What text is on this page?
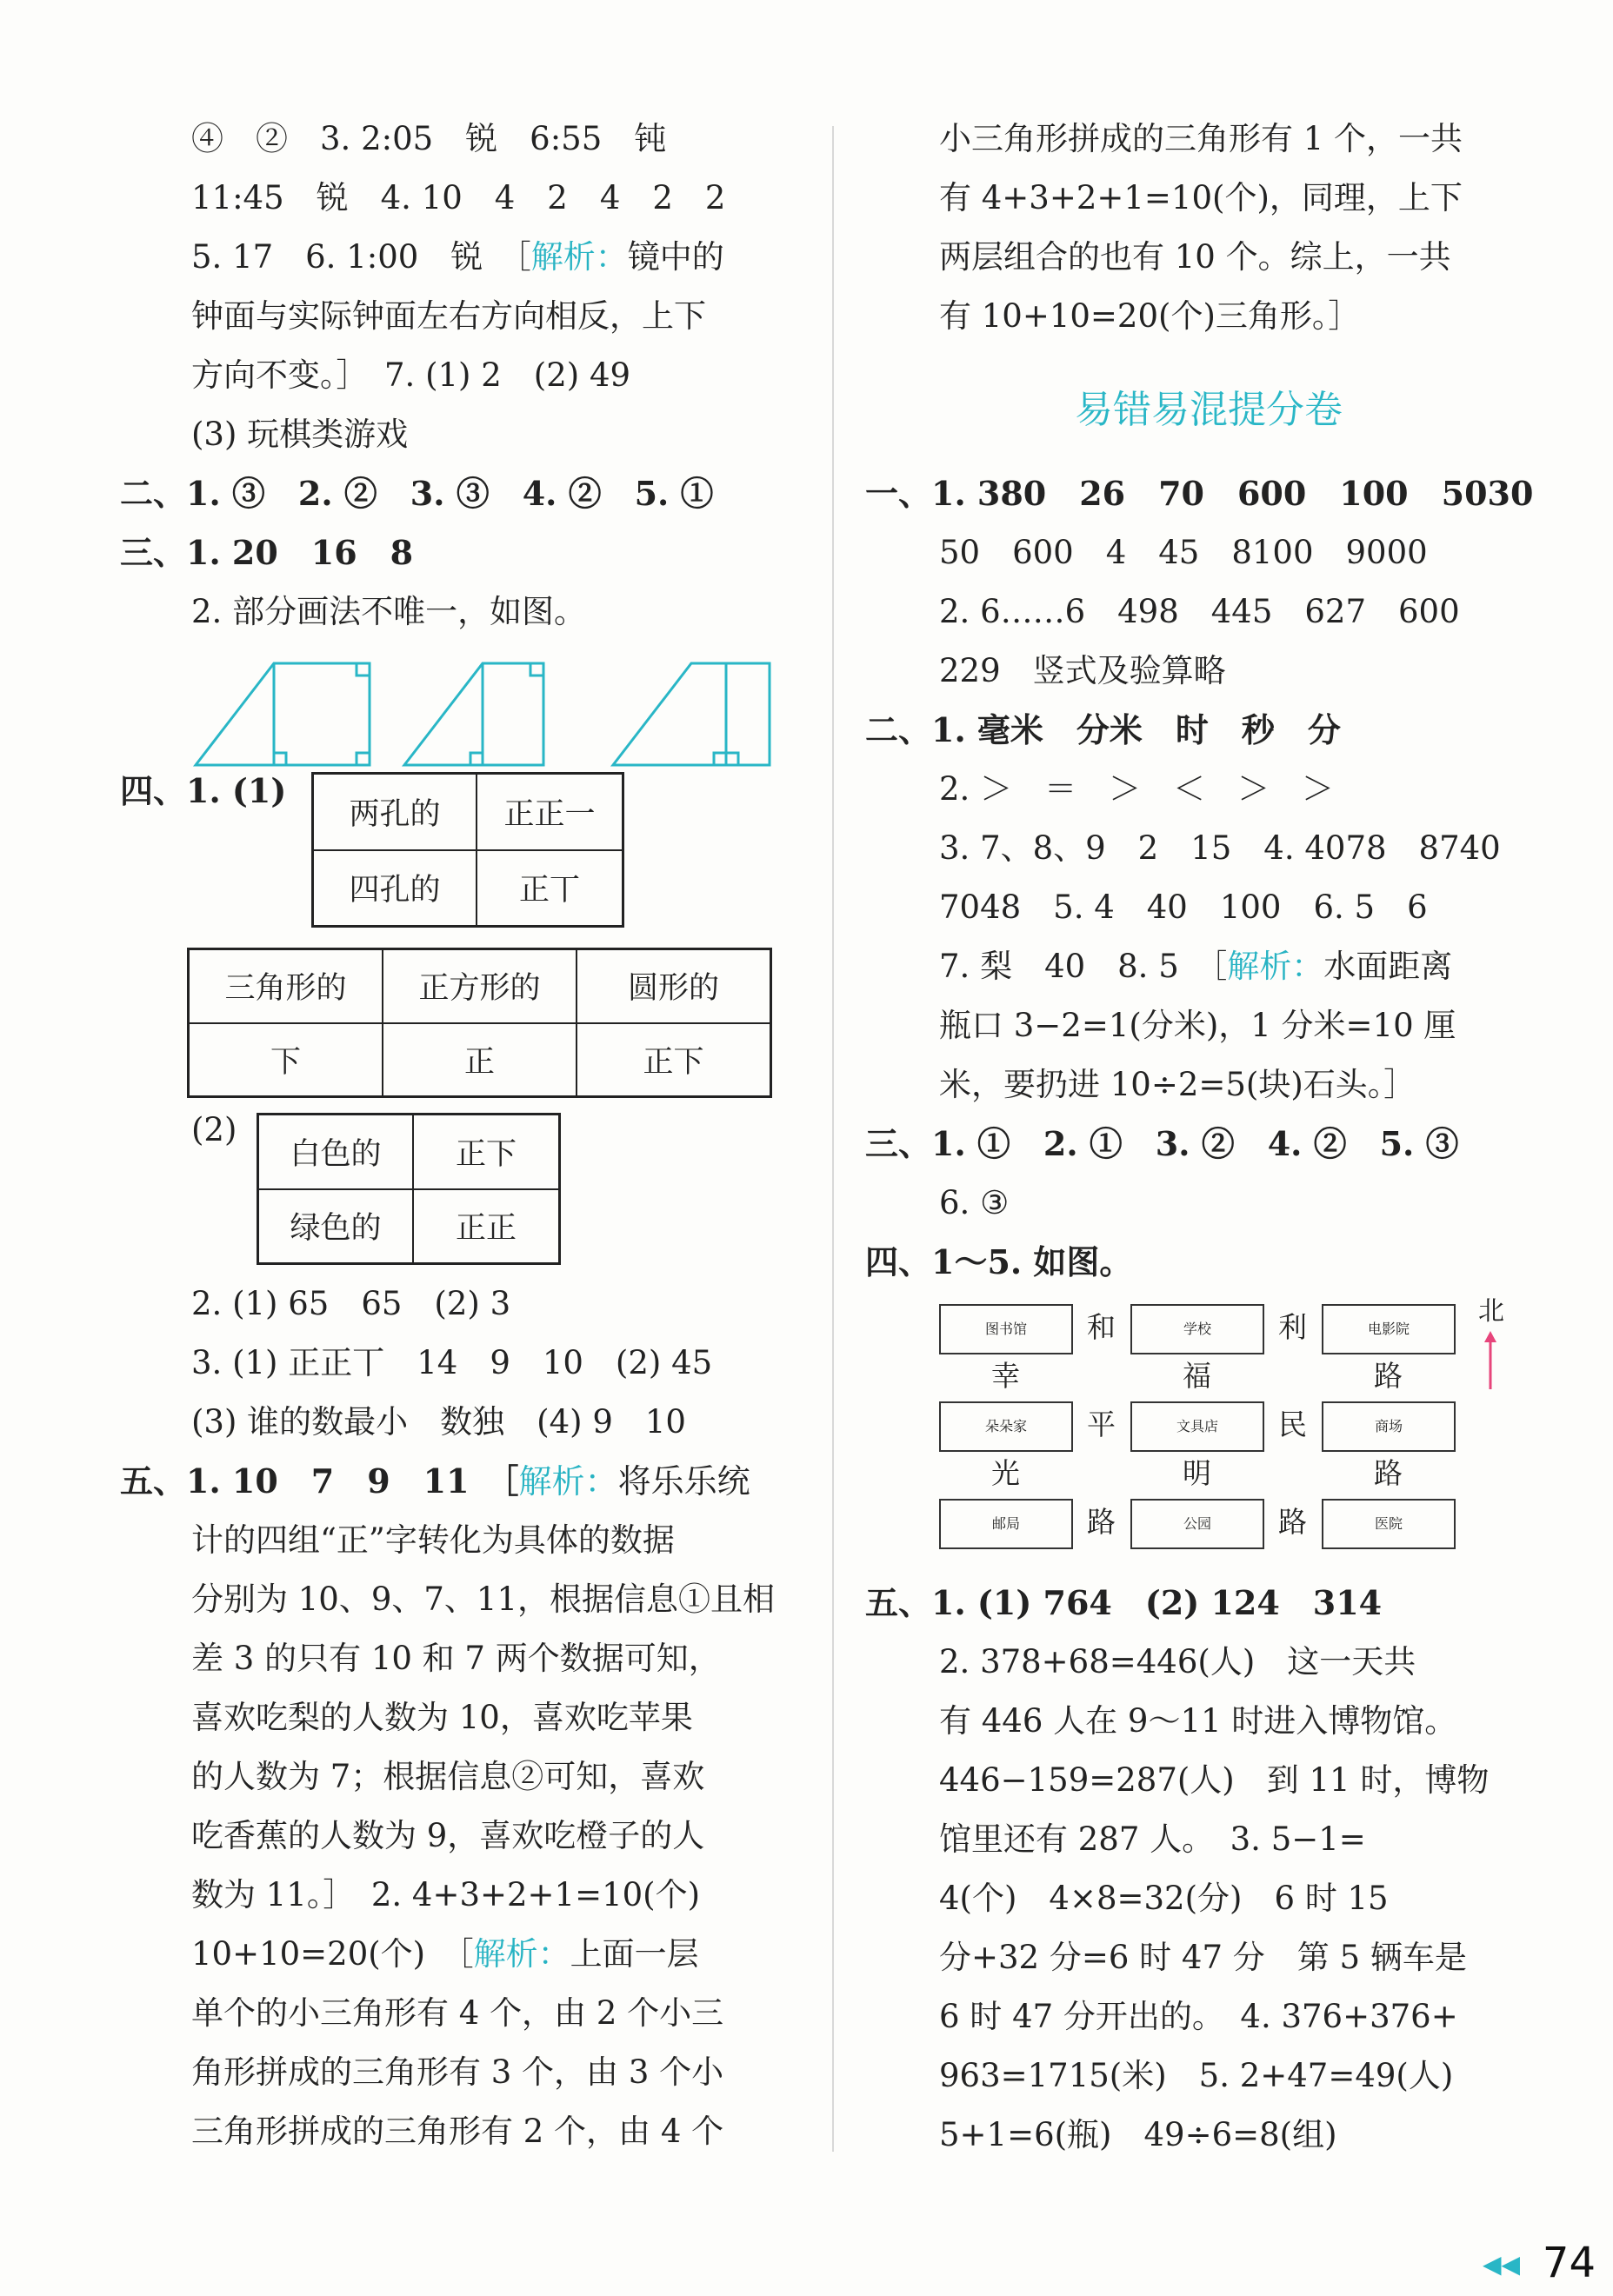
④　②　3. 2:05　锐　6:55　钝
11:45　锐　4. 10　4　2　4　2　2
5. 17　6. 1:00　锐　［解析：镜中的
钟面与实际钟面左右方向相反，上下
方向不变。］　7. (1) 2　(2) 49
(3) 玩棋类游戏
二、1. ③　2. ②　3. ③　4. ②　5. ①
三、1. 20　16　8
2. 部分画法不唯一，如图。
四、1. (1)
两孔的	正正一
四孔的	正丅
三角形的	正方形的	圆形的
下	正	正下
(2)
白色的	正下
绿色的	正正
2. (1) 65　65　(2) 3
3. (1) 正正丅　14　9　10　(2) 45
(3) 谁的数最小　数独　(4) 9　10
五、1. 10　7　9　11　［解析：将乐乐统
计的四组“正”字转化为具体的数据
分别为 10、9、7、11，根据信息①且相
差 3 的只有 10 和 7 两个数据可知，
喜欢吃梨的人数为 10，喜欢吃苹果
的人数为 7；根据信息②可知，喜欢
吃香蕉的人数为 9，喜欢吃橙子的人
数为 11。］　2. 4+3+2+1=10(个)
10+10=20(个)　［解析：上面一层
单个的小三角形有 4 个，由 2 个小三
角形拼成的三角形有 3 个，由 3 个小
三角形拼成的三角形有 2 个，由 4 个
小三角形拼成的三角形有 1 个，一共
有 4+3+2+1=10(个)，同理，上下
两层组合的也有 10 个。综上，一共
有 10+10=20(个)三角形。］
易错易混提分卷
一、1. 380　26　70　600　100　5030
50　600　4　45　8100　9000
2. 6……6　498　445　627　600
229　竖式及验算略
二、1. 毫米　分米　时　秒　分
2. ＞　＝　＞　＜　＞　＞
3. 7、8、9　2　15　4. 4078　8740
7048　5. 4　40　100　6. 5　6
7. 梨　40　8. 5　［解析：水面距离
瓶口 3−2=1(分米)，1 分米=10 厘
米，要扔进 10÷2=5(块)石头。］
三、1. ①　2. ①　3. ②　4. ②　5. ③
6. ③
四、1～5. 如图。
图书馆	和	学校	利	电影院
北
幸	福	路
朵朵家	平	文具店	民	商场
光	明	路
邮局	路	公园	路	医院
五、1. (1) 764　(2) 124　314
2. 378+68=446(人)　这一天共
有 446 人在 9～11 时进入博物馆。
446−159=287(人)　到 11 时，博物
馆里还有 287 人。　3. 5−1=
4(个)　4×8=32(分)　6 时 15
分+32 分=6 时 47 分　第 5 辆车是
6 时 47 分开出的。　4. 376+376+
963=1715(米)　5. 2+47=49(人)
5+1=6(瓶)　49÷6=8(组)
◀◀ 74
